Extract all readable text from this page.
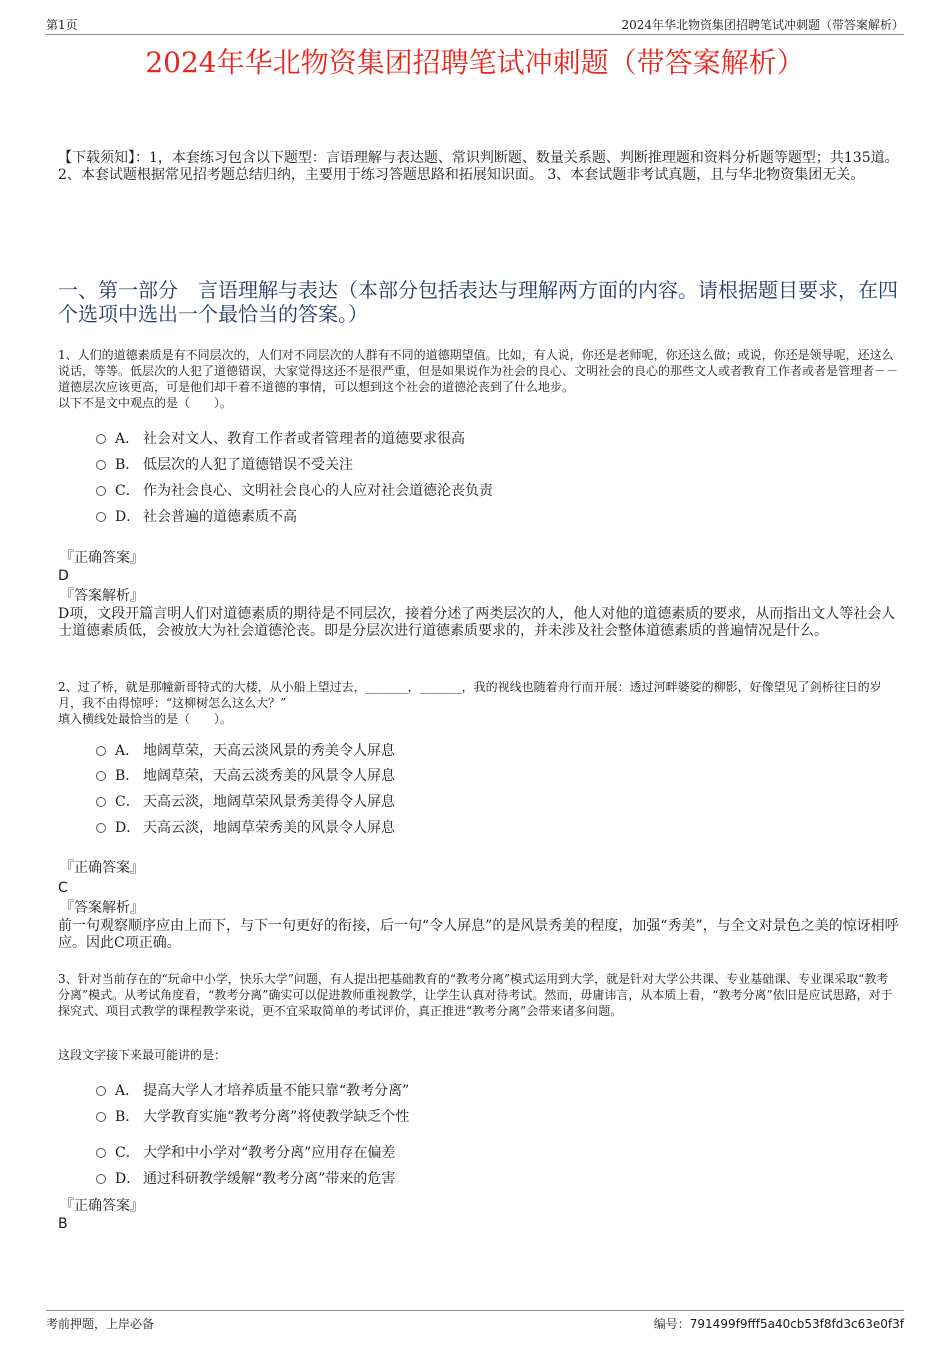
第1页	2024年华北物资集团招聘笔试冲刺题（带答案解析）
2024年华北物资集团招聘笔试冲刺题（带答案解析）
【下载须知】：1，本套练习包含以下题型：言语理解与表达题、常识判断题、数量关系题、判断推理题和资料分析题等题型；共135道。 2、本套试题根据常见招考题总结归纳，主要用于练习答题思路和拓展知识面。 3、本套试题非考试真题，且与华北物资集团无关。
一、第一部分　言语理解与表达（本部分包括表达与理解两方面的内容。请根据题目要求，在四个选项中选出一个最恰当的答案。）
1、人们的道德素质是有不同层次的，人们对不同层次的人群有不同的道德期望值。比如，有人说，你还是老师呢，你还这么做；或说，你还是领导呢，还这么说话，等等。低层次的人犯了道德错误，大家觉得这还不是很严重，但是如果说作为社会的良心、文明社会的良心的那些文人或者教育工作者或者是管理者－－道德层次应该更高，可是他们却干着不道德的事情，可以想到这个社会的道德沦丧到了什么地步。
以下不是文中观点的是（　　）。
A． 社会对文人、教育工作者或者管理者的道德要求很高
B． 低层次的人犯了道德错误不受关注
C． 作为社会良心、文明社会良心的人应对社会道德沦丧负责
D． 社会普遍的道德素质不高
『正确答案』
D
『答案解析』
D项，文段开篇言明人们对道德素质的期待是不同层次，接着分述了两类层次的人，他人对他的道德素质的要求，从而指出文人等社会人士道德素质低，会被放大为社会道德沦丧。即是分层次进行道德素质要求的，并未涉及社会整体道德素质的普遍情况是什么。
2、过了桥，就是那幢新哥特式的大楼，从小船上望过去，_______，_______，我的视线也随着舟行而开展：透过河畔婆娑的柳影，好像望见了剑桥往日的岁月，我不由得惊呼：“这柳树怎么这么大？”
填入横线处最恰当的是（　　）。
A． 地阔草荣，天高云淡风景的秀美令人屏息
B． 地阔草荣，天高云淡秀美的风景令人屏息
C． 天高云淡，地阔草荣风景秀美得令人屏息
D． 天高云淡，地阔草荣秀美的风景令人屏息
『正确答案』
C
『答案解析』
前一句观察顺序应由上而下，与下一句更好的衔接，后一句“令人屏息”的是风景秀美的程度，加强“秀美”，与全文对景色之美的惊讶相呼应。因此C项正确。
3、针对当前存在的“玩命中小学，快乐大学”问题，有人提出把基础教育的“教考分离”模式运用到大学，就是针对大学公共课、专业基础课、专业课采取“教考分离”模式。从考试角度看，“教考分离”确实可以促进教师重视教学，让学生认真对待考试。然而，毋庸讳言，从本质上看，“教考分离”依旧是应试思路，对于探究式、项目式教学的课程教学来说，更不宜采取简单的考试评价，真正推进“教考分离”会带来诸多问题。
这段文字接下来最可能讲的是：
A． 提高大学人才培养质量不能只靠“教考分离”
B． 大学教育实施“教考分离”将使教学缺乏个性
C． 大学和中小学对“教考分离”应用存在偏差
D． 通过科研教学缓解“教考分离”带来的危害
『正确答案』
B
考前押题，上岸必备	编号：791499f9fff5a40cb53f8fd3c63e0f3f
